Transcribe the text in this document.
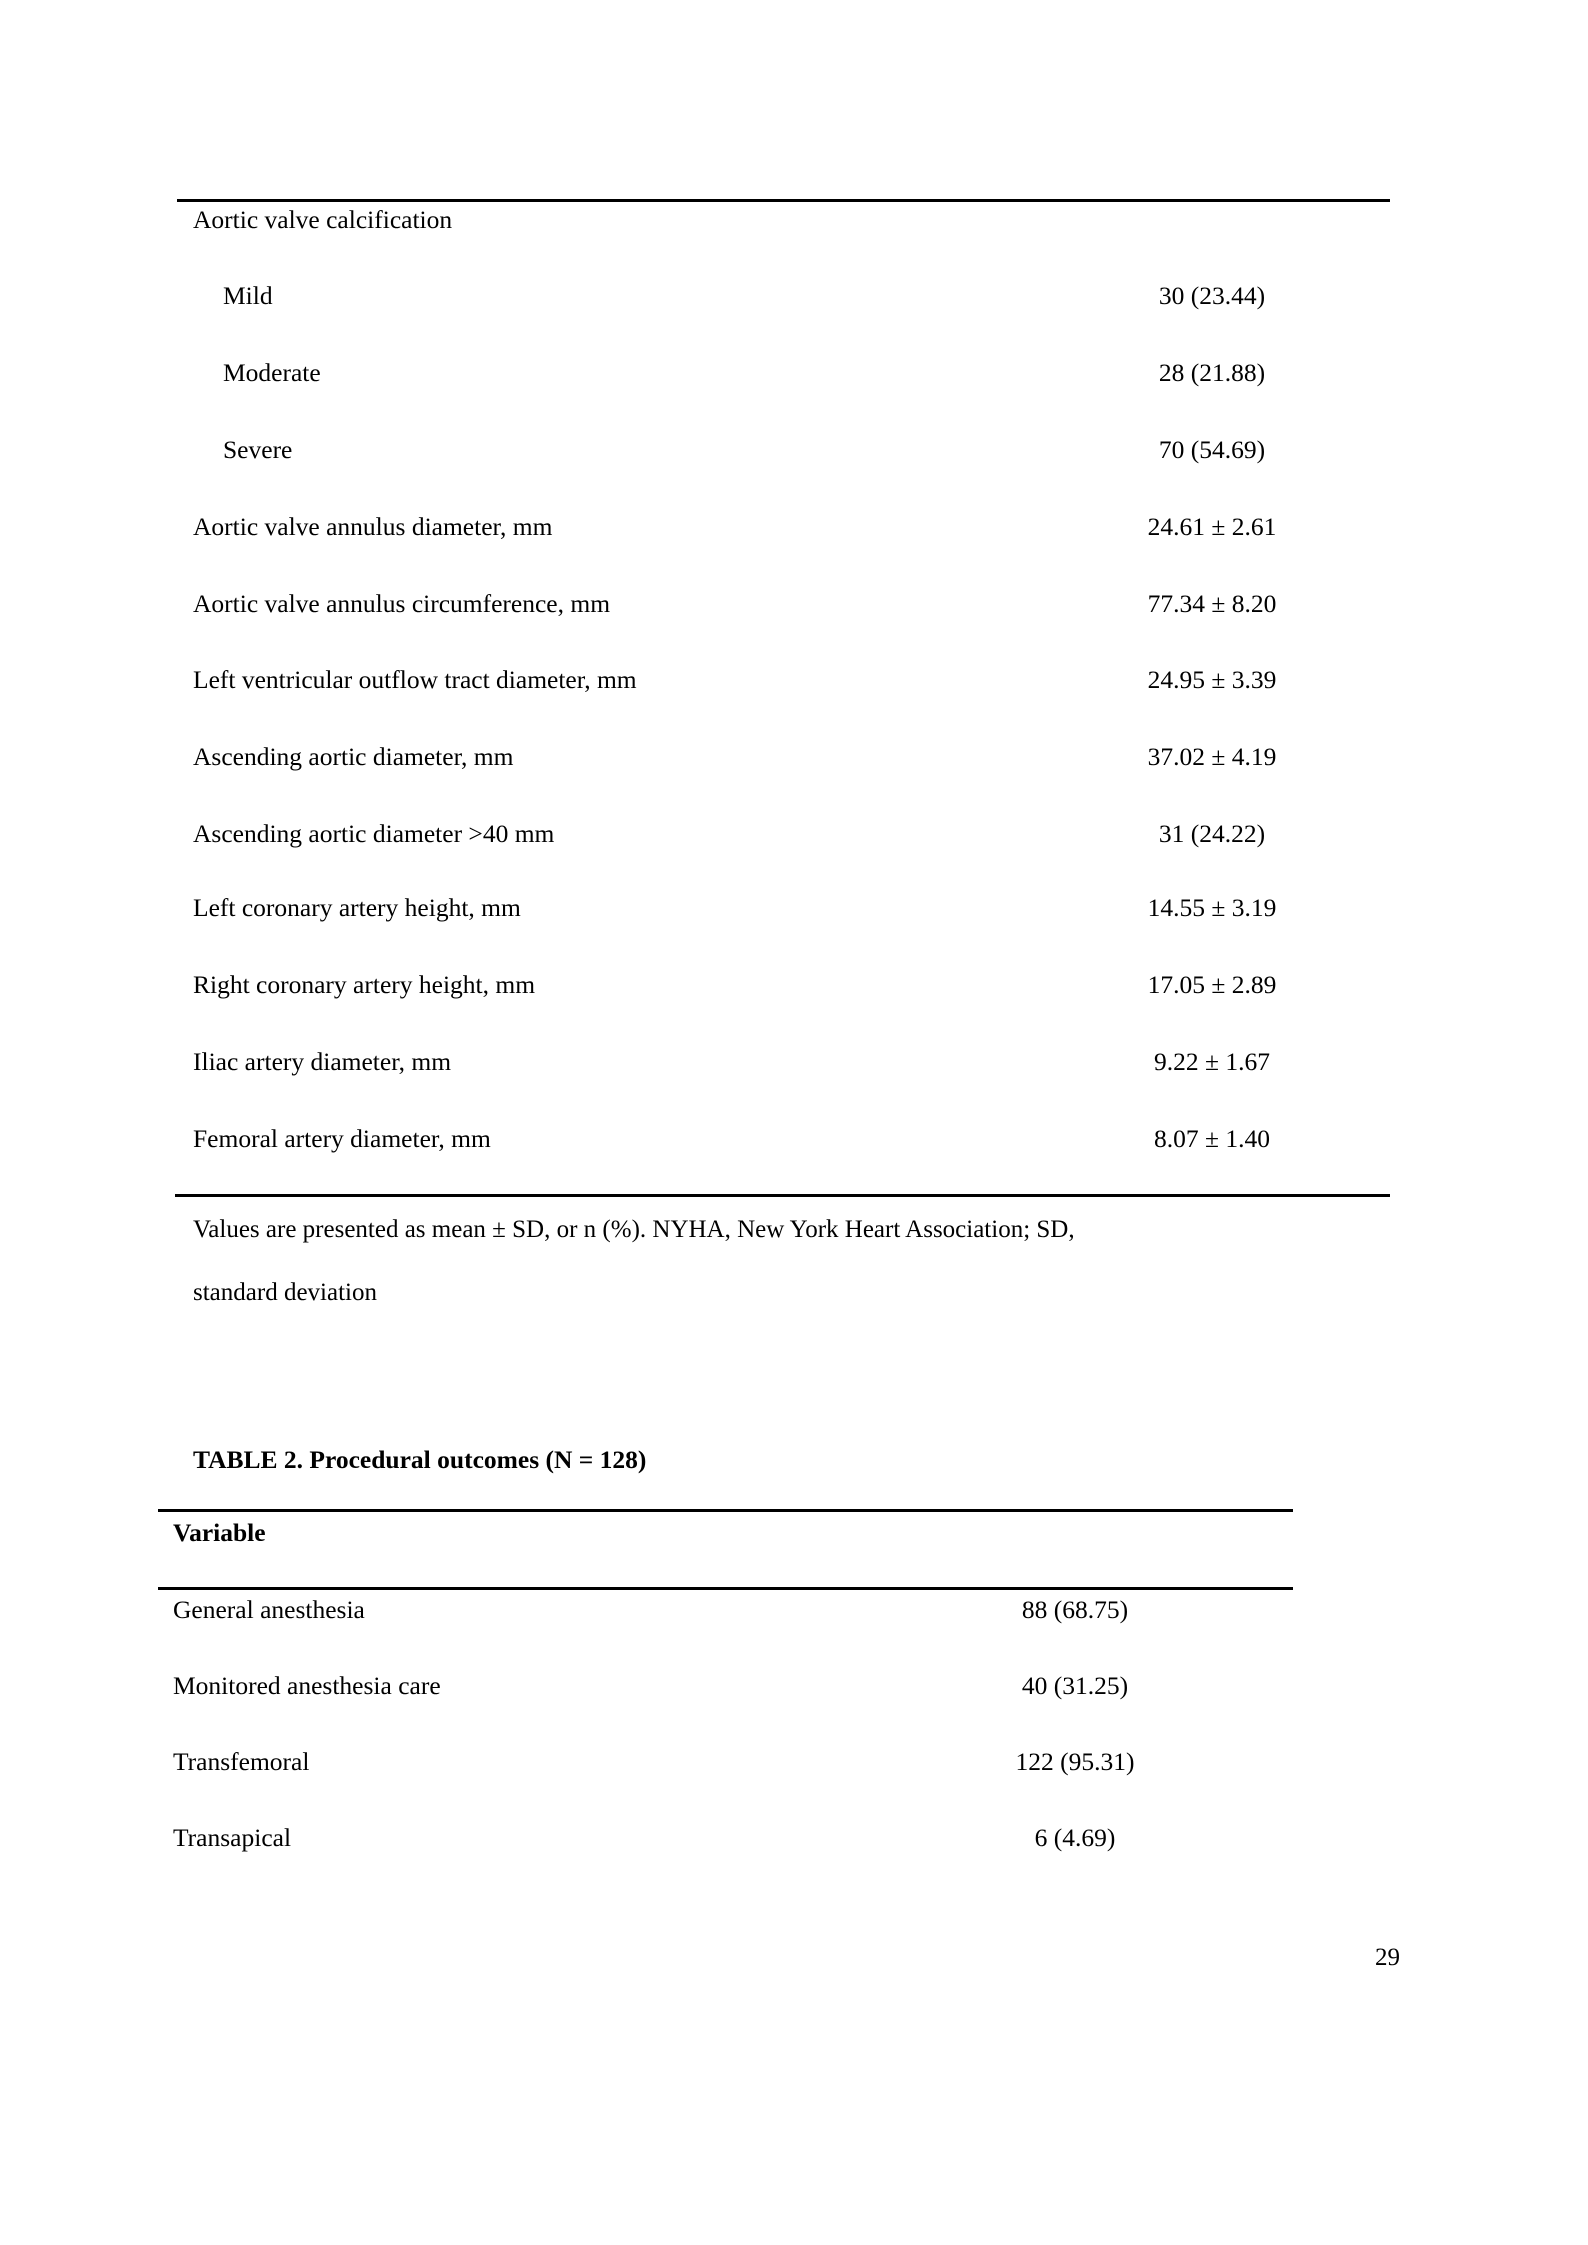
Aortic valve calcification
Mild	30 (23.44)
Moderate	28 (21.88)
Severe	70 (54.69)
Aortic valve annulus diameter, mm	24.61 ± 2.61
Aortic valve annulus circumference, mm	77.34 ± 8.20
Left ventricular outflow tract diameter, mm	24.95 ± 3.39
Ascending aortic diameter, mm	37.02 ± 4.19
Ascending aortic diameter >40 mm	31 (24.22)
Left coronary artery height, mm	14.55 ± 3.19
Right coronary artery height, mm	17.05 ± 2.89
Iliac artery diameter, mm	9.22 ± 1.67
Femoral artery diameter, mm	8.07 ± 1.40
Values are presented as mean ± SD, or n (%). NYHA, New York Heart Association; SD,
standard deviation
TABLE 2. Procedural outcomes (N = 128)
Variable
General anesthesia	88 (68.75)
Monitored anesthesia care	40 (31.25)
Transfemoral	122 (95.31)
Transapical	6 (4.69)
29
